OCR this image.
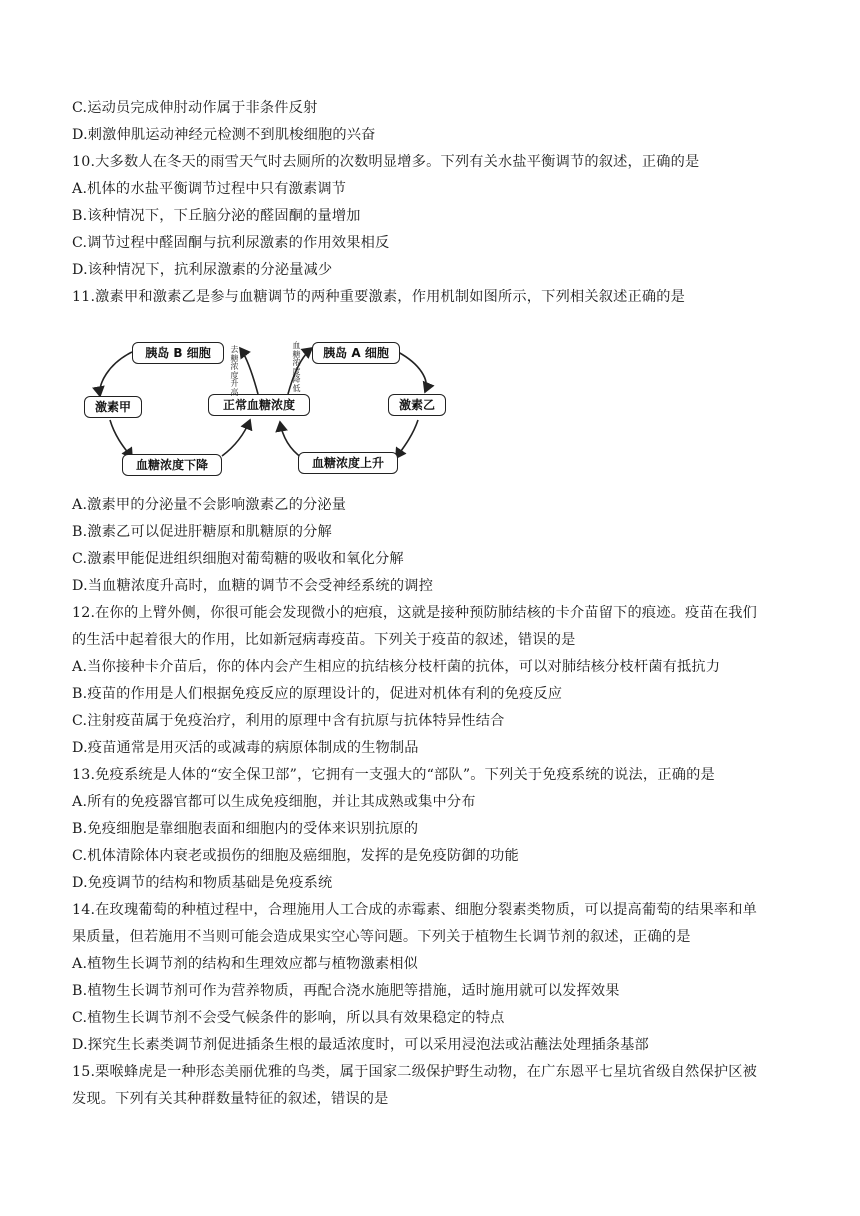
C.运动员完成伸肘动作属于非条件反射
D.刺激伸肌运动神经元检测不到肌梭细胞的兴奋
10.大多数人在冬天的雨雪天气时去厕所的次数明显增多。下列有关水盐平衡调节的叙述，正确的是
A.机体的水盐平衡调节过程中只有激素调节
B.该种情况下，下丘脑分泌的醛固酮的量增加
C.调节过程中醛固酮与抗利尿激素的作用效果相反
D.该种情况下，抗利尿激素的分泌量减少
11.激素甲和激素乙是参与血糖调节的两种重要激素，作用机制如图所示，下列相关叙述正确的是
胰岛 B 细胞	胰岛 A 细胞
激素甲	正常血糖浓度	激素乙
血糖浓度下降	血糖浓度上升
去糖浓度升高
血糖浓度降低
A.激素甲的分泌量不会影响激素乙的分泌量
B.激素乙可以促进肝糖原和肌糖原的分解
C.激素甲能促进组织细胞对葡萄糖的吸收和氧化分解
D.当血糖浓度升高时，血糖的调节不会受神经系统的调控
12.在你的上臂外侧，你很可能会发现微小的疤痕，这就是接种预防肺结核的卡介苗留下的痕迹。疫苗在我们
的生活中起着很大的作用，比如新冠病毒疫苗。下列关于疫苗的叙述，错误的是
A.当你接种卡介苗后，你的体内会产生相应的抗结核分枝杆菌的抗体，可以对肺结核分枝杆菌有抵抗力
B.疫苗的作用是人们根据免疫反应的原理设计的，促进对机体有利的免疫反应
C.注射疫苗属于免疫治疗，利用的原理中含有抗原与抗体特异性结合
D.疫苗通常是用灭活的或减毒的病原体制成的生物制品
13.免疫系统是人体的“安全保卫部”，它拥有一支强大的“部队”。下列关于免疫系统的说法，正确的是
A.所有的免疫器官都可以生成免疫细胞，并让其成熟或集中分布
B.免疫细胞是靠细胞表面和细胞内的受体来识别抗原的
C.机体清除体内衰老或损伤的细胞及癌细胞，发挥的是免疫防御的功能
D.免疫调节的结构和物质基础是免疫系统
14.在玫瑰葡萄的种植过程中，合理施用人工合成的赤霉素、细胞分裂素类物质，可以提高葡萄的结果率和单
果质量，但若施用不当则可能会造成果实空心等问题。下列关于植物生长调节剂的叙述，正确的是
A.植物生长调节剂的结构和生理效应都与植物激素相似
B.植物生长调节剂可作为营养物质，再配合浇水施肥等措施，适时施用就可以发挥效果
C.植物生长调节剂不会受气候条件的影响，所以具有效果稳定的特点
D.探究生长素类调节剂促进插条生根的最适浓度时，可以采用浸泡法或沾蘸法处理插条基部
15.栗喉蜂虎是一种形态美丽优雅的鸟类，属于国家二级保护野生动物，在广东恩平七星坑省级自然保护区被
发现。下列有关其种群数量特征的叙述，错误的是
